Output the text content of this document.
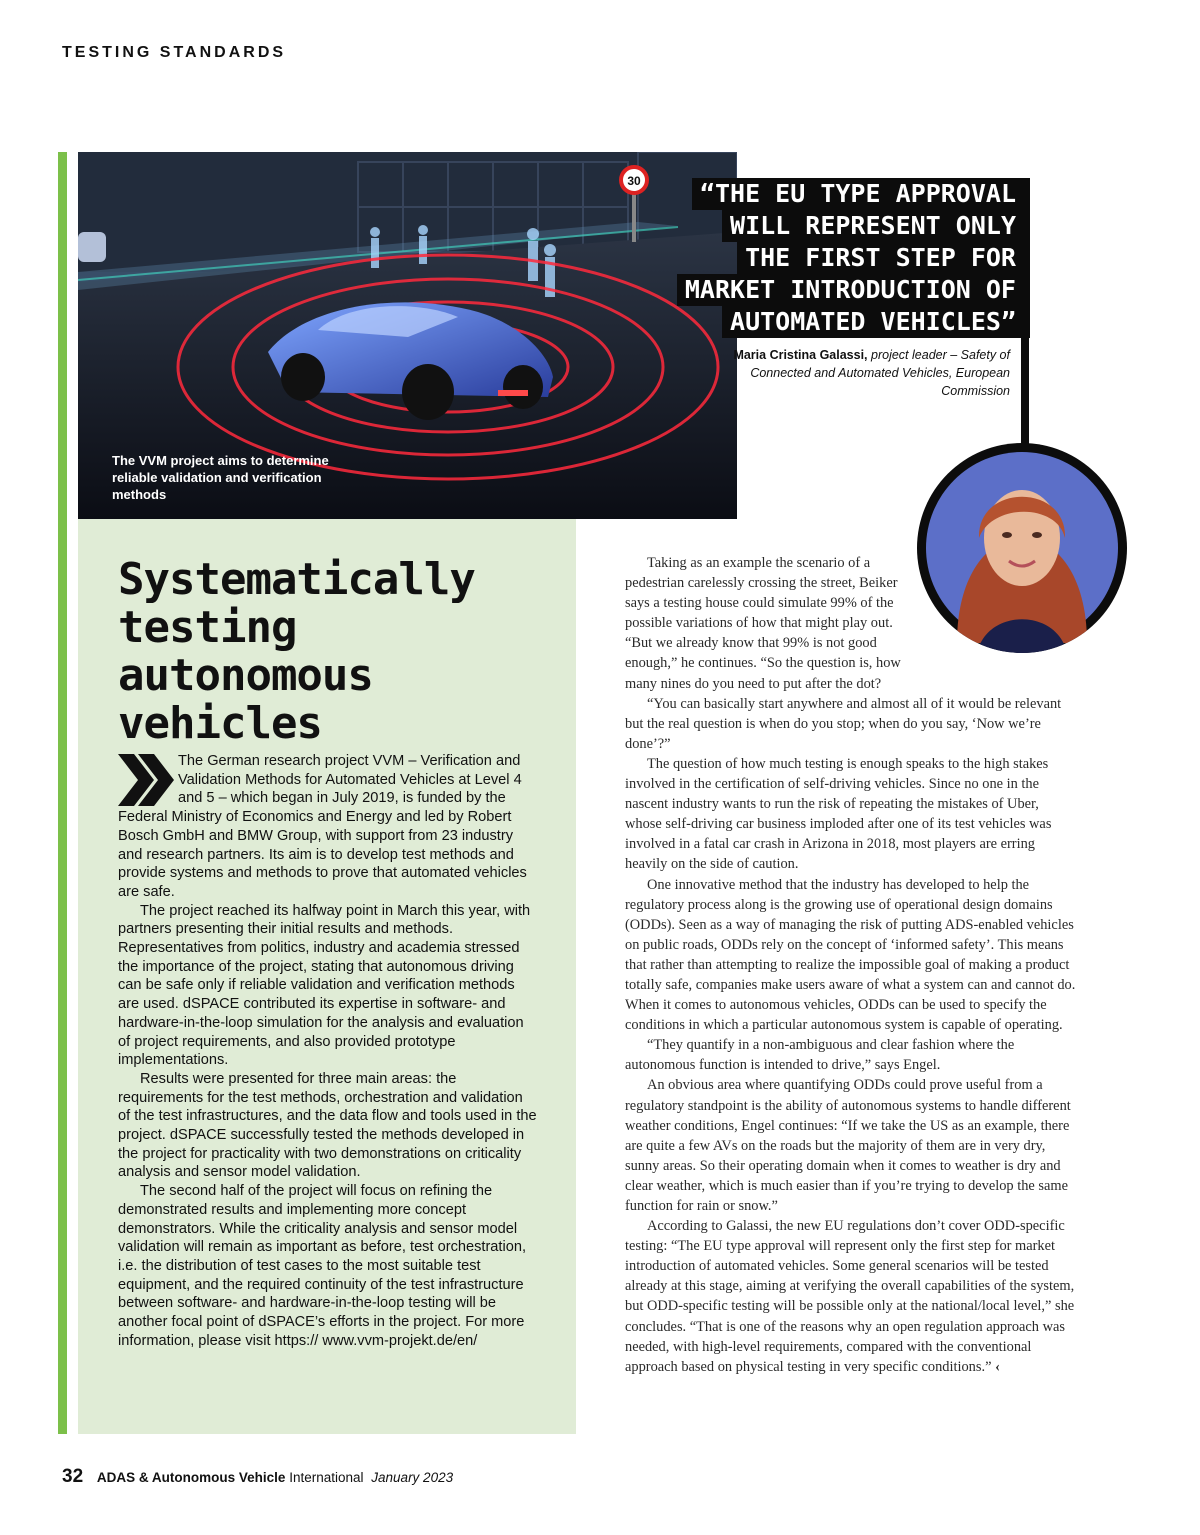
TESTING STANDARDS
30
The VVM project aims to determine reliable validation and verification methods
“THE EU TYPE APPROVAL
WILL REPRESENT ONLY
THE FIRST STEP FOR
MARKET INTRODUCTION OF
AUTOMATED VEHICLES”
Maria Cristina Galassi, project leader – Safety of Connected and Automated Vehicles, European Commission
Systematically testing autonomous vehicles

The German research project VVM – Verification and Validation Methods for Automated Vehicles at Level 4 and 5 – which began in July 2019, is funded by the Federal Ministry of Economics and Energy and led by Robert Bosch GmbH and BMW Group, with support from 23 industry and research partners. Its aim is to develop test methods and provide systems and methods to prove that automated vehicles are safe.

The project reached its halfway point in March this year, with partners presenting their initial results and methods. Representatives from politics, industry and academia stressed the importance of the project, stating that autonomous driving can be safe only if reliable validation and verification methods are used. dSPACE contributed its expertise in software- and hardware-in-the-loop simulation for the analysis and evaluation of project requirements, and also provided prototype implementations.

Results were presented for three main areas: the requirements for the test methods, orchestration and validation of the test infrastructures, and the data flow and tools used in the project. dSPACE successfully tested the methods developed in the project for practicality with two demonstrations on criticality analysis and sensor model validation.

The second half of the project will focus on refining the demonstrated results and implementing more concept demonstrators. While the criticality analysis and sensor model validation will remain as important as before, test orchestration, i.e. the distribution of test cases to the most suitable test equipment, and the required continuity of the test infrastructure between software- and hardware-in-the-loop testing will be another focal point of dSPACE’s efforts in the project. For more information, please visit https:// www.vvm-projekt.de/en/

Taking as an example the scenario of a pedestrian carelessly crossing the street, Beiker says a testing house could simulate 99% of the possible variations of how that might play out. “But we already know that 99% is not good enough,” he continues. “So the question is, how many nines do you need to put after the dot?

“You can basically start anywhere and almost all of it would be relevant but the real question is when do you stop; when do you say, ‘Now we’re done’?”

The question of how much testing is enough speaks to the high stakes involved in the certification of self-driving vehicles. Since no one in the nascent industry wants to run the risk of repeating the mistakes of Uber, whose self-driving car business imploded after one of its test vehicles was involved in a fatal car crash in Arizona in 2018, most players are erring heavily on the side of caution.

One innovative method that the industry has developed to help the regulatory process along is the growing use of operational design domains (ODDs). Seen as a way of managing the risk of putting ADS-enabled vehicles on public roads, ODDs rely on the concept of ‘informed safety’. This means that rather than attempting to realize the impossible goal of making a product totally safe, companies make users aware of what a system can and cannot do. When it comes to autonomous vehicles, ODDs can be used to specify the conditions in which a particular autonomous system is capable of operating.

“They quantify in a non-ambiguous and clear fashion where the autonomous function is intended to drive,” says Engel.

An obvious area where quantifying ODDs could prove useful from a regulatory standpoint is the ability of autonomous systems to handle different weather conditions, Engel continues: “If we take the US as an example, there are quite a few AVs on the roads but the majority of them are in very dry, sunny areas. So their operating domain when it comes to weather is dry and clear weather, which is much easier than if you’re trying to develop the same function for rain or snow.”

According to Galassi, the new EU regulations don’t cover ODD-specific testing: “The EU type approval will represent only the first step for market introduction of automated vehicles. Some general scenarios will be tested already at this stage, aiming at verifying the overall capabilities of the system, but ODD-specific testing will be possible only at the national/local level,” she concludes. “That is one of the reasons why an open regulation approach was needed, with high-level requirements, compared with the conventional approach based on physical testing in very specific conditions.” ‹

32 ADAS & Autonomous Vehicle International January 2023
